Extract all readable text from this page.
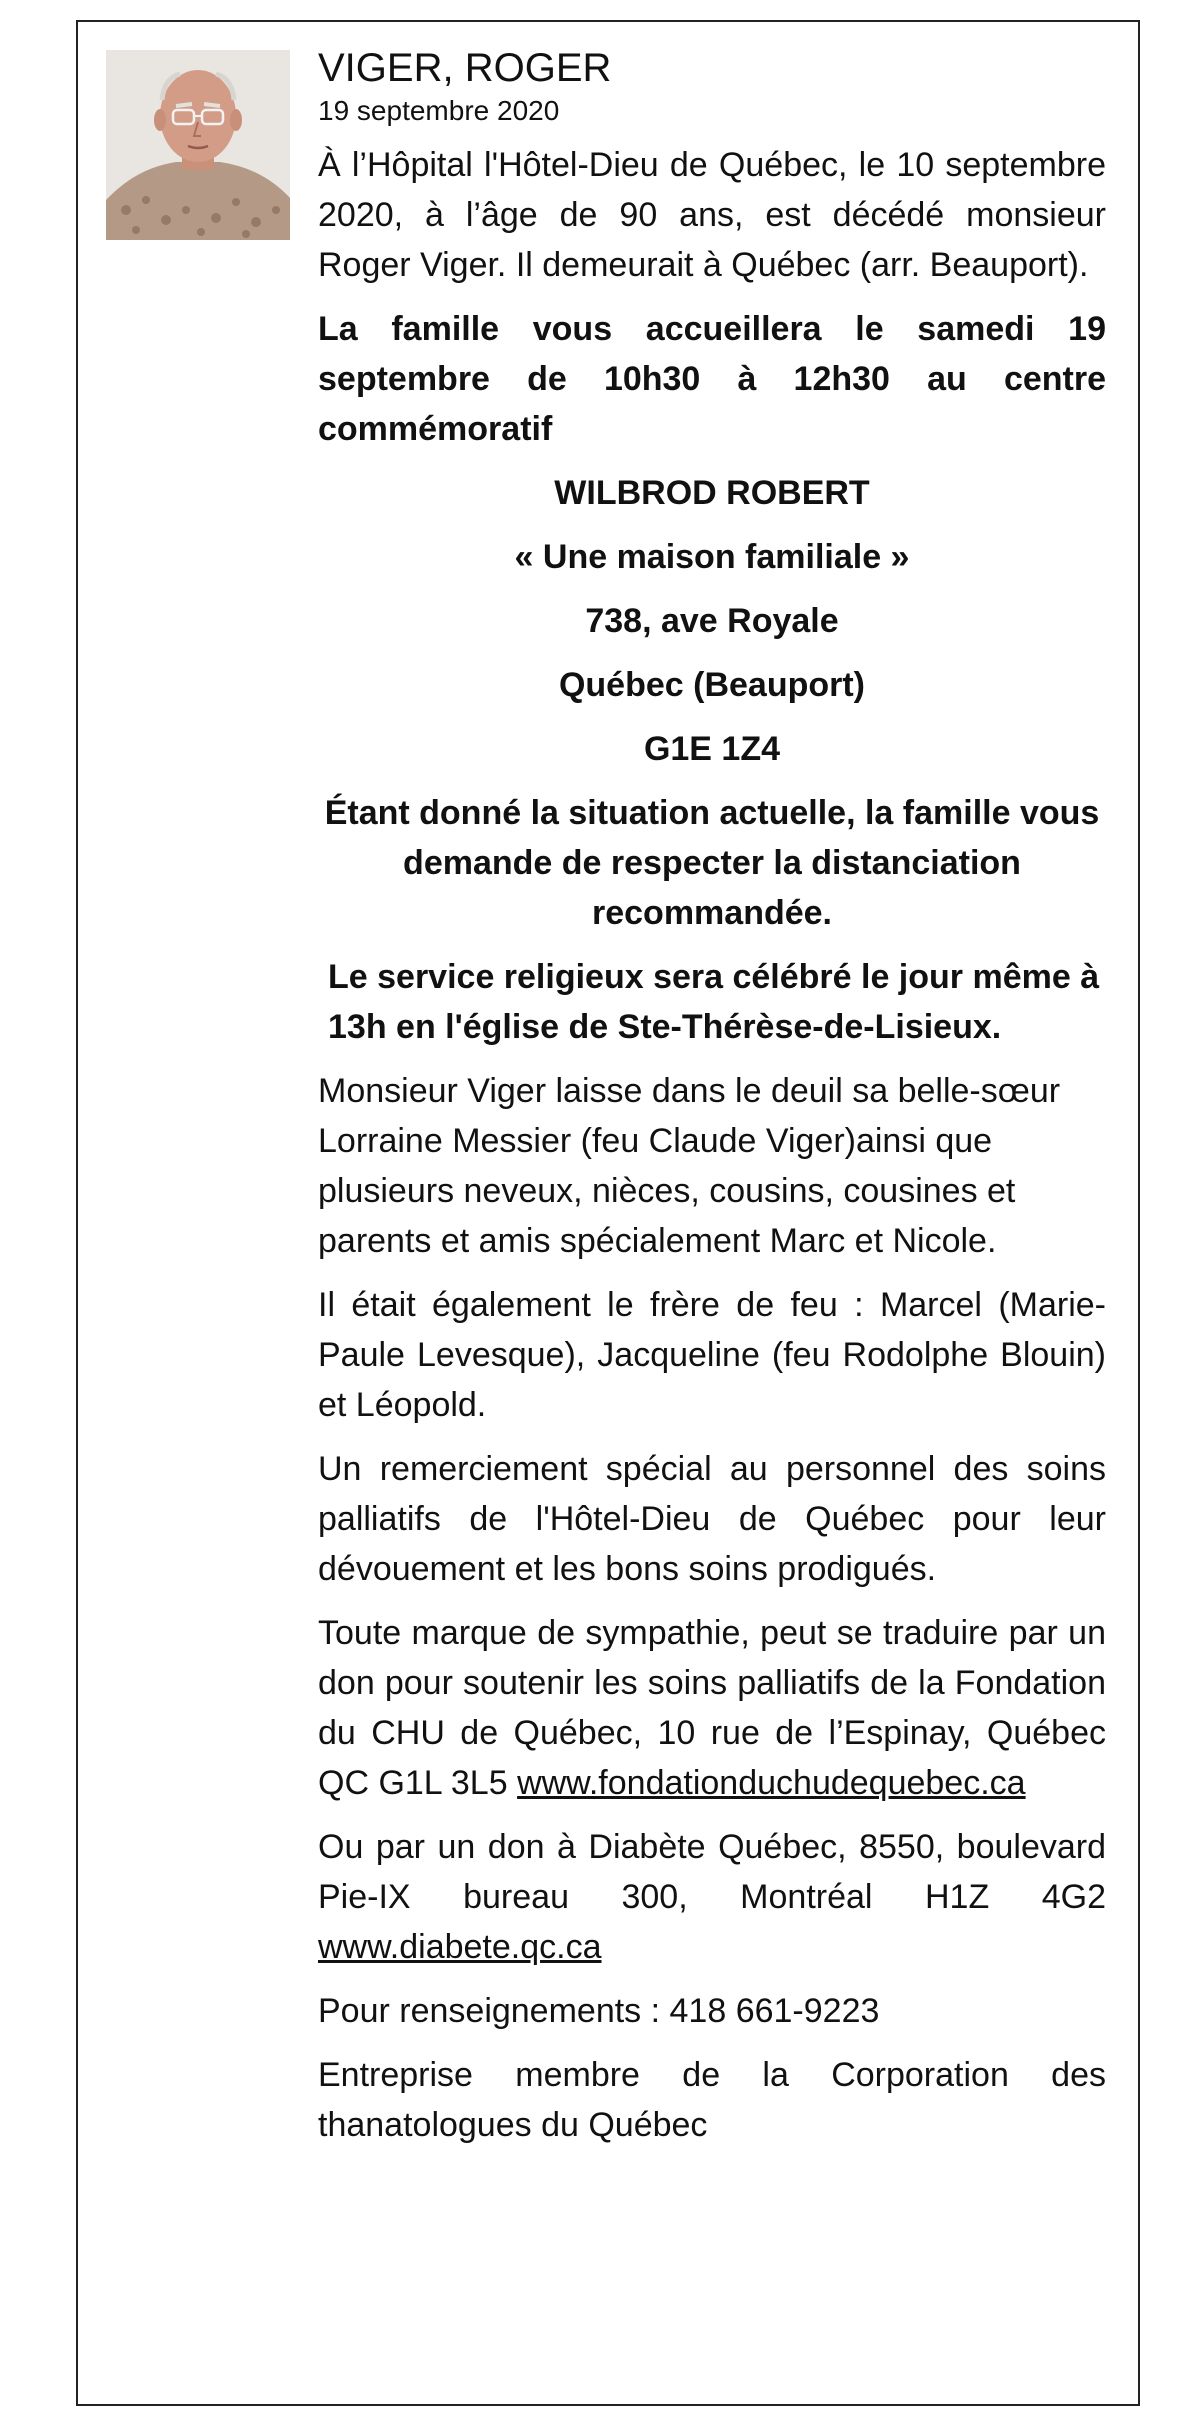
VIGER, ROGER
19 septembre 2020

À l’Hôpital l'Hôtel-Dieu de Québec, le 10 septembre 2020, à l’âge de 90 ans, est décédé monsieur Roger Viger. Il demeurait à Québec (arr. Beauport).

La famille vous accueillera le samedi 19 septembre de 10h30 à 12h30 au centre commémoratif

WILBROD ROBERT
« Une maison familiale »
738, ave Royale
Québec (Beauport)
G1E 1Z4
Étant donné la situation actuelle, la famille vous demande de respecter la distanciation recommandée.
Le service religieux sera célébré le jour même à 13h en l'église de Ste-Thérèse-de-Lisieux.

Monsieur Viger laisse dans le deuil sa belle-sœur Lorraine Messier (feu Claude Viger)ainsi que plusieurs neveux, nièces, cousins, cousines et parents et amis spécialement Marc et Nicole.

Il était également le frère de feu : Marcel (Marie-Paule Levesque), Jacqueline (feu Rodolphe Blouin) et Léopold.

Un remerciement spécial au personnel des soins palliatifs de l'Hôtel-Dieu de Québec pour leur dévouement et les bons soins prodigués.

Toute marque de sympathie, peut se traduire par un don pour soutenir les soins palliatifs de la Fondation du CHU de Québec, 10 rue de l’Espinay, Québec QC G1L 3L5 www.fondationduchudequebec.ca

Ou par un don à Diabète Québec, 8550, boulevard Pie-IX bureau 300, Montréal H1Z 4G2 www.diabete.qc.ca

Pour renseignements : 418 661-9223

Entreprise membre de la Corporation des thanatologues du Québec
